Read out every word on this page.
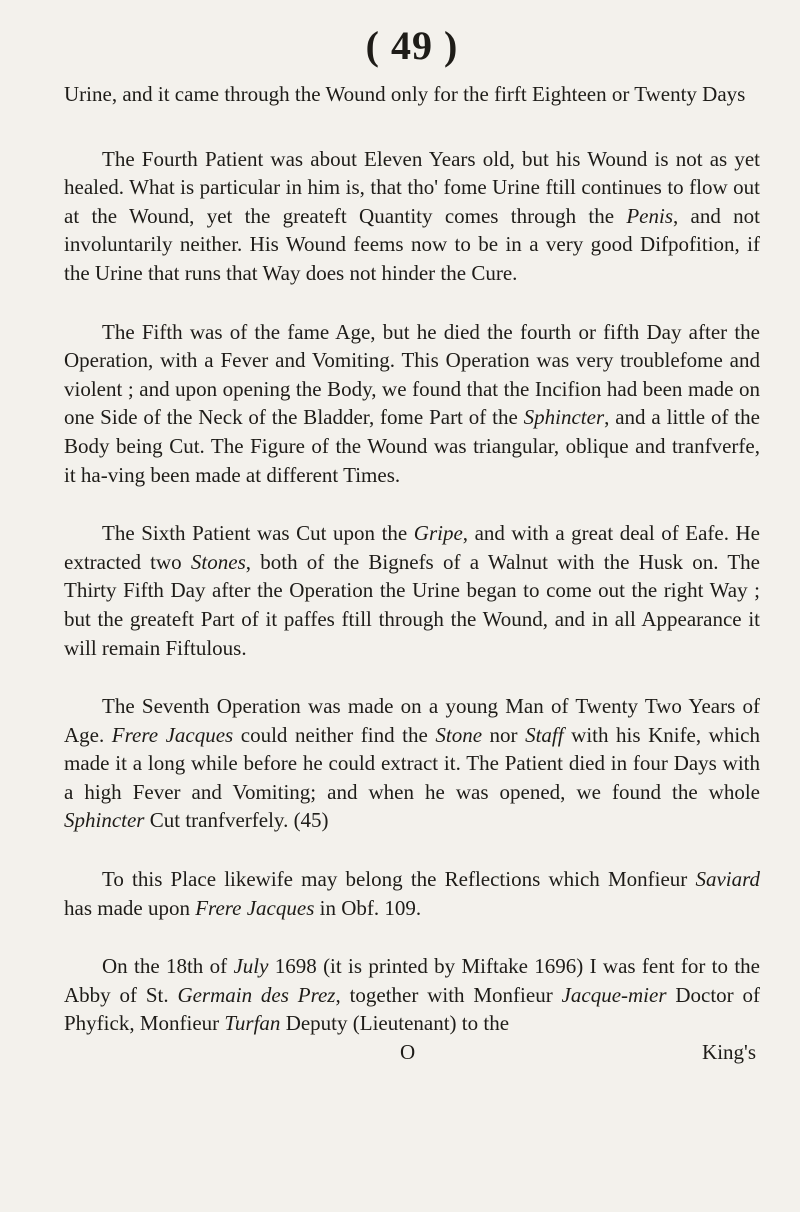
( 49 )

Urine, and it came through the Wound only for the firft Eighteen or Twenty Days

The Fourth Patient was about Eleven Years old, but his Wound is not as yet healed. What is particular in him is, that tho' fome Urine ftill continues to flow out at the Wound, yet the greateft Quantity comes through the Penis, and not involuntarily neither. His Wound feems now to be in a very good Difpofition, if the Urine that runs that Way does not hinder the Cure.

The Fifth was of the fame Age, but he died the fourth or fifth Day after the Operation, with a Fever and Vomiting. This Operation was very troublefome and violent ; and upon opening the Body, we found that the Incifion had been made on one Side of the Neck of the Bladder, fome Part of the Sphincter, and a little of the Body being Cut. The Figure of the Wound was triangular, oblique and tranfverfe, it ha-ving been made at different Times.

The Sixth Patient was Cut upon the Gripe, and with a great deal of Eafe. He extracted two Stones, both of the Bignefs of a Walnut with the Husk on. The Thirty Fifth Day after the Operation the Urine began to come out the right Way ; but the greateft Part of it paffes ftill through the Wound, and in all Appearance it will remain Fiftulous.

The Seventh Operation was made on a young Man of Twenty Two Years of Age. Frere Jacques could neither find the Stone nor Staff with his Knife, which made it a long while before he could extract it. The Patient died in four Days with a high Fever and Vomiting; and when he was opened, we found the whole Sphincter Cut tranfverfely. (45)

To this Place likewife may belong the Reflections which Monfieur Saviard has made upon Frere Jacques in Obf. 109.

On the 18th of July 1698 (it is printed by Miftake 1696) I was fent for to the Abby of St. Germain des Prez, together with Monfieur Jacque-mier Doctor of Phyfick, Monfieur Turfan Deputy (Lieutenant) to the

O	King's
